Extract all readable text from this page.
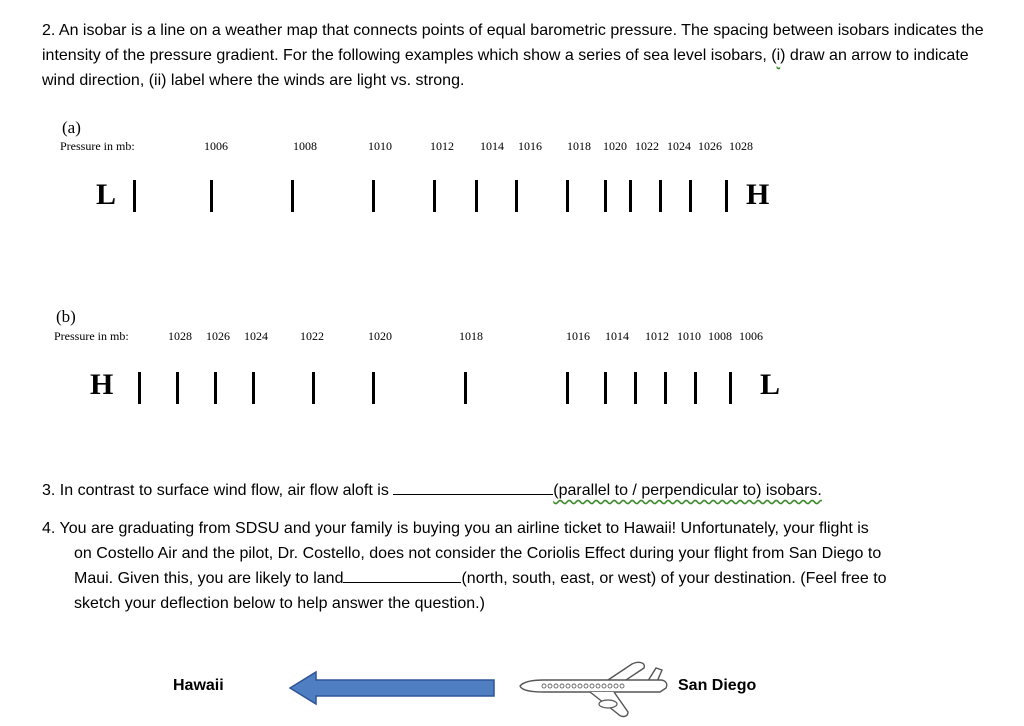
2. An isobar is a line on a weather map that connects points of equal barometric pressure. The spacing between isobars indicates the intensity of the pressure gradient. For the following examples which show a series of sea level isobars, (i) draw an arrow to indicate wind direction, (ii) label where the winds are light vs. strong.
(a)
Pressure in mb:	1006	1008	1010	1012 1014 1016 1018 1020 1022 1024 1026 1028
L	H
(b)
Pressure in mb:	1028 1026 1024	1022	1020	1018	1016 1014 1012 1010 1008 1006
H	L
3. In contrast to surface wind flow, air flow aloft is	(parallel to / perpendicular to) isobars.
4. You are graduating from SDSU and your family is buying you an airline ticket to Hawaii! Unfortunately, your flight is
on Costello Air and the pilot, Dr. Costello, does not consider the Coriolis Effect during your flight from San Diego to
Maui. Given this, you are likely to land	(north, south, east, or west) of your destination. (Feel free to
sketch your deflection below to help answer the question.)
Hawaii	San Diego
